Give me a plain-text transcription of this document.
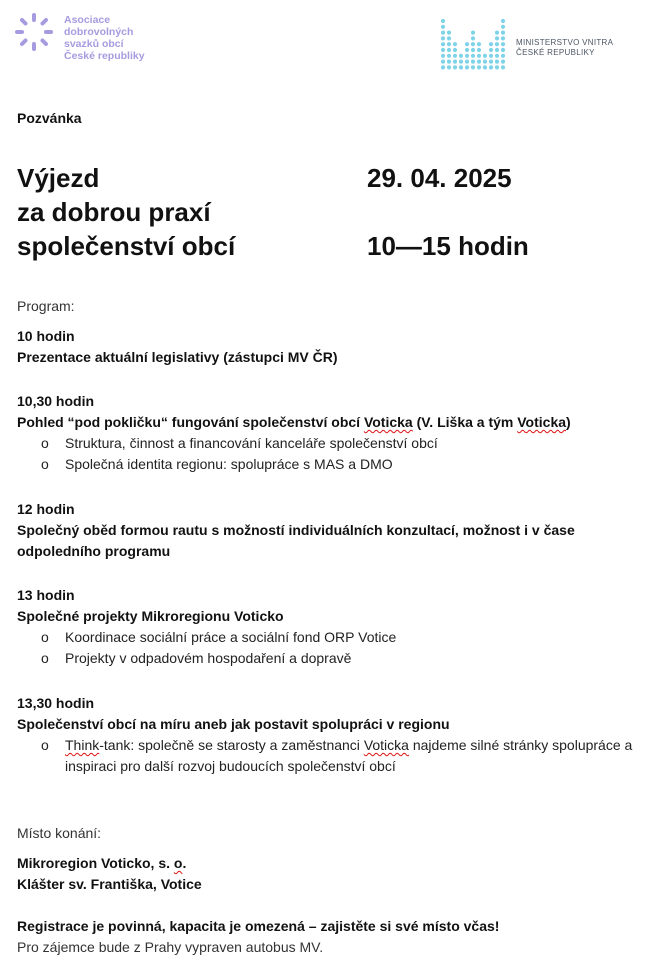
Asociace
dobrovolných
svazků obcí
České republiky
MINISTERSTVO VNITRA
ČESKÉ REPUBLIKY
Pozvánka
Výjezd
za dobrou praxí
společenství obcí
29. 04. 2025
10—15 hodin
Program:
10 hodin
Prezentace aktuální legislativy (zástupci MV ČR)
10,30 hodin
Pohled “pod pokličku“ fungování společenství obcí Voticka (V. Liška a tým Voticka)
o	Struktura, činnost a financování kanceláře společenství obcí
o	Společná identita regionu: spolupráce s MAS a DMO
12 hodin
Společný oběd formou rautu s možností individuálních konzultací, možnost i v čase odpoledního programu
13 hodin
Společné projekty Mikroregionu Voticko
o	Koordinace sociální práce a sociální fond ORP Votice
o	Projekty v odpadovém hospodaření a dopravě
13,30 hodin
Společenství obcí na míru aneb jak postavit spolupráci v regionu
o	Think-tank: společně se starosty a zaměstnanci Voticka najdeme silné stránky spolupráce a inspiraci pro další rozvoj budoucích společenství obcí
Místo konání:
Mikroregion Voticko, s. o.
Klášter sv. Františka, Votice
Registrace je povinná, kapacita je omezená – zajistěte si své místo včas!
Pro zájemce bude z Prahy vypraven autobus MV.
